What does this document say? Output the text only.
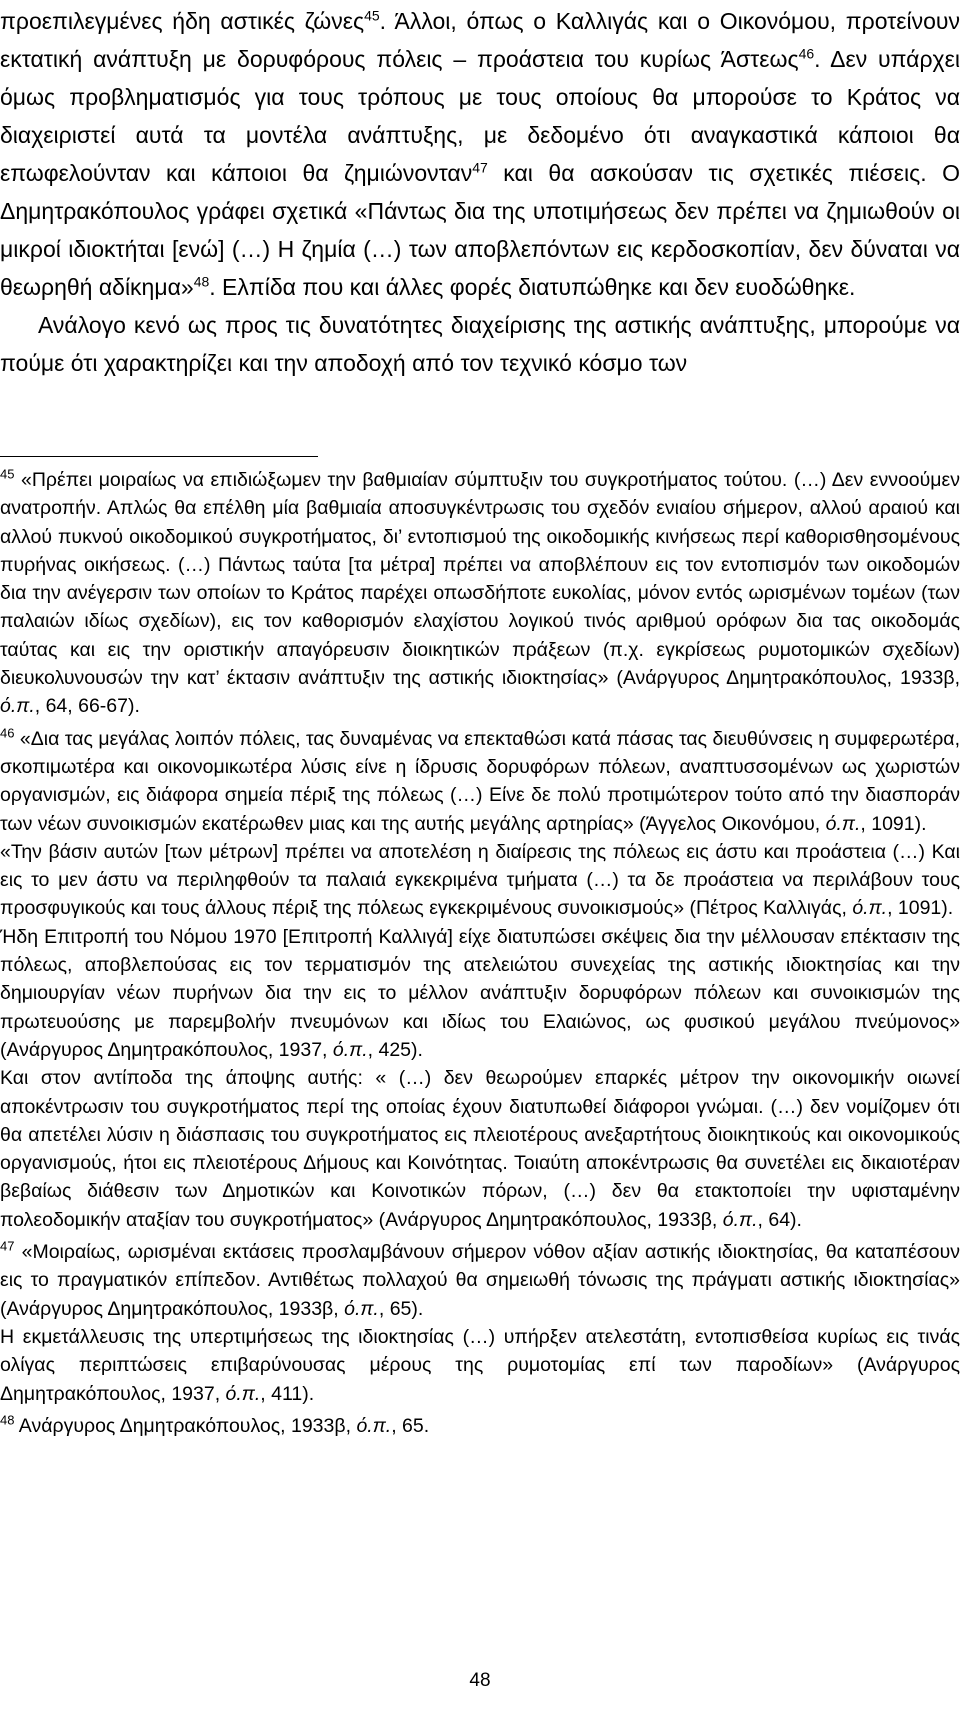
προεπιλεγμένες ήδη αστικές ζώνες$^{45}$. Άλλοι, όπως ο Καλλιγάς και ο Οικονόμου, προτείνουν εκτατική ανάπτυξη με δορυφόρους πόλεις – προάστεια του κυρίως Άστεως$^{46}$. Δεν υπάρχει όμως προβληματισμός για τους τρόπους με τους οποίους θα μπορούσε το Κράτος να διαχειριστεί αυτά τα μοντέλα ανάπτυξης, με δεδομένο ότι αναγκαστικά κάποιοι θα επωφελούνταν και κάποιοι θα ζημιώνονταν$^{47}$ και θα ασκούσαν τις σχετικές πιέσεις. Ο Δημητρακόπουλος γράφει σχετικά «Πάντως δια της υποτιμήσεως δεν πρέπει να ζημιωθούν οι μικροί ιδιοκτήται [ενώ] (…) Η ζημία (…) των αποβλεπόντων εις κερδοσκοπίαν, δεν δύναται να θεωρηθή αδίκημα»$^{48}$. Ελπίδα που και άλλες φορές διατυπώθηκε και δεν ευοδώθηκε.

Ανάλογο κενό ως προς τις δυνατότητες διαχείρισης της αστικής ανάπτυξης, μπορούμε να πούμε ότι χαρακτηρίζει και την αποδοχή από τον τεχνικό κόσμο των

$^{45}$ «Πρέπει μοιραίως να επιδιώξωμεν την βαθμιαίαν σύμπτυξιν του συγκροτήματος τούτου. (…) Δεν εννοούμεν ανατροπήν. Απλώς θα επέλθη μία βαθμιαία αποσυγκέντρωσις του σχεδόν ενιαίου σήμερον, αλλού αραιού και αλλού πυκνού οικοδομικού συγκροτήματος, δι’ εντοπισμού της οικοδομικής κινήσεως περί καθορισθησομένους πυρήνας οικήσεως. (…) Πάντως ταύτα [τα μέτρα] πρέπει να αποβλέπουν εις τον εντοπισμόν των οικοδομών δια την ανέγερσιν των οποίων το Κράτος παρέχει οπωσδήποτε ευκολίας, μόνον εντός ωρισμένων τομέων (των παλαιών ιδίως σχεδίων), εις τον καθορισμόν ελαχίστου λογικού τινός αριθμού ορόφων δια τας οικοδομάς ταύτας και εις την οριστικήν απαγόρευσιν διοικητικών πράξεων (π.χ. εγκρίσεως ρυμοτομικών σχεδίων) διευκολυνουσών την κατ’ έκτασιν ανάπτυξιν της αστικής ιδιοκτησίας» (Ανάργυρος Δημητρακόπουλος, 1933β, ό.π., 64, 66-67).

$^{46}$ «Δια τας μεγάλας λοιπόν πόλεις, τας δυναμένας να επεκταθώσι κατά πάσας τας διευθύνσεις η συμφερωτέρα, σκοπιμωτέρα και οικονομικωτέρα λύσις είνε η ίδρυσις δορυφόρων πόλεων, αναπτυσσομένων ως χωριστών οργανισμών, εις διάφορα σημεία πέριξ της πόλεως (…) Είνε δε πολύ προτιμώτερον τούτο από την διασποράν των νέων συνοικισμών εκατέρωθεν μιας και της αυτής μεγάλης αρτηρίας» (Άγγελος Οικονόμου, ό.π., 1091).

«Την βάσιν αυτών [των μέτρων] πρέπει να αποτελέση η διαίρεσις της πόλεως εις άστυ και προάστεια (…) Και εις το μεν άστυ να περιληφθούν τα παλαιά εγκεκριμένα τμήματα (…) τα δε προάστεια να περιλάβουν τους προσφυγικούς και τους άλλους πέριξ της πόλεως εγκεκριμένους συνοικισμούς» (Πέτρος Καλλιγάς, ό.π., 1091).

Ήδη Επιτροπή του Νόμου 1970 [Επιτροπή Καλλιγά] είχε διατυπώσει σκέψεις δια την μέλλουσαν επέκτασιν της πόλεως, αποβλεπούσας εις τον τερματισμόν της ατελειώτου συνεχείας της αστικής ιδιοκτησίας και την δημιουργίαν νέων πυρήνων δια την εις το μέλλον ανάπτυξιν δορυφόρων πόλεων και συνοικισμών της πρωτευούσης με παρεμβολήν πνευμόνων και ιδίως του Ελαιώνος, ως φυσικού μεγάλου πνεύμονος» (Ανάργυρος Δημητρακόπουλος, 1937, ό.π., 425).

Και στον αντίποδα της άποψης αυτής: « (…) δεν θεωρούμεν επαρκές μέτρον την οικονομικήν οιωνεί αποκέντρωσιν του συγκροτήματος περί της οποίας έχουν διατυπωθεί διάφοροι γνώμαι. (…) δεν νομίζομεν ότι θα απετέλει λύσιν η διάσπασις του συγκροτήματος εις πλειοτέρους ανεξαρτήτους διοικητικούς και οικονομικούς οργανισμούς, ήτοι εις πλειοτέρους Δήμους και Κοινότητας. Τοιαύτη αποκέντρωσις θα συνετέλει εις δικαιοτέραν βεβαίως διάθεσιν των Δημοτικών και Κοινοτικών πόρων, (…) δεν θα ετακτοποίει την υφισταμένην πολεοδομικήν αταξίαν του συγκροτήματος» (Ανάργυρος Δημητρακόπουλος, 1933β, ό.π., 64).

$^{47}$ «Μοιραίως, ωρισμέναι εκτάσεις προσλαμβάνουν σήμερον νόθον αξίαν αστικής ιδιοκτησίας, θα καταπέσουν εις το πραγματικόν επίπεδον. Αντιθέτως πολλαχού θα σημειωθή τόνωσις της πράγματι αστικής ιδιοκτησίας» (Ανάργυρος Δημητρακόπουλος, 1933β, ό.π., 65).

Η εκμετάλλευσις της υπερτιμήσεως της ιδιοκτησίας (…) υπήρξεν ατελεστάτη, εντοπισθείσα κυρίως εις τινάς ολίγας περιπτώσεις επιβαρύνουσας μέρους της ρυμοτομίας επί των παροδίων» (Ανάργυρος Δημητρακόπουλος, 1937, ό.π., 411).

$^{48}$ Ανάργυρος Δημητρακόπουλος, 1933β, ό.π., 65.

48
